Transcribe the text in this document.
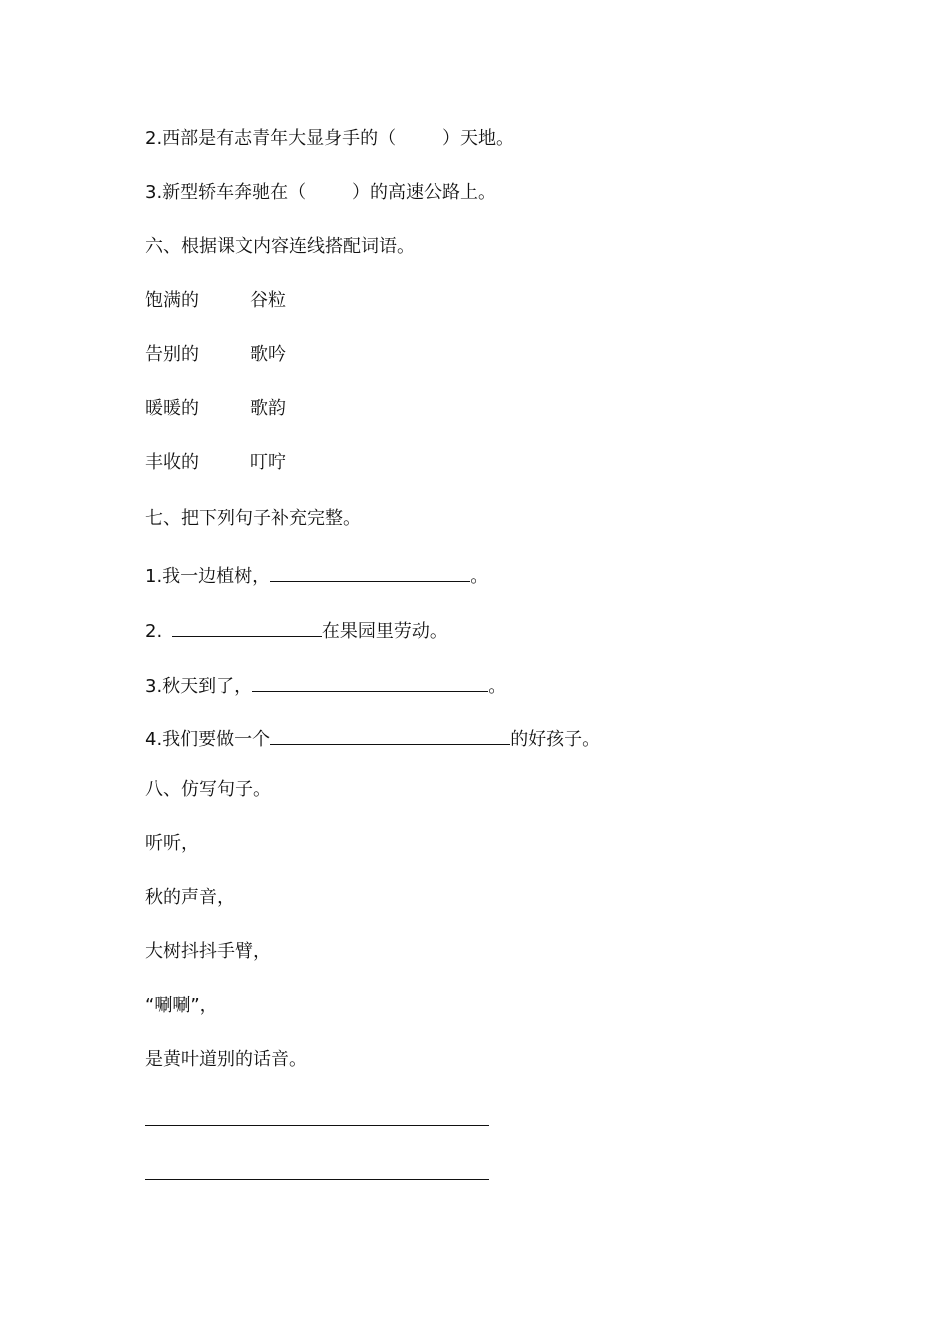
2.西部是有志青年大显身手的（	）天地。
3.新型轿车奔驰在（	）的高速公路上。
六、根据课文内容连线搭配词语。
饱满的	谷粒
告别的	歌吟
暖暖的	歌韵
丰收的	叮咛
七、把下列句子补充完整。
1.我一边植树，	。
2.	在果园里劳动。
3.秋天到了，	。
4.我们要做一个	的好孩子。
八、仿写句子。
听听，
秋的声音，
大树抖抖手臂，
“唰唰”，
是黄叶道别的话音。
